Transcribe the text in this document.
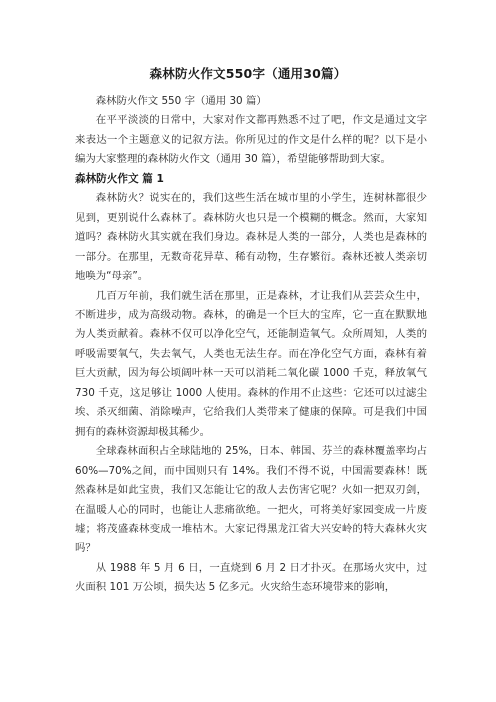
森林防火作文550字（通用30篇）

森林防火作文 550 字（通用 30 篇）

在平平淡淡的日常中，大家对作文都再熟悉不过了吧，作文是通过文字来表达一个主题意义的记叙方法。你所见过的作文是什么样的呢？以下是小编为大家整理的森林防火作文（通用 30 篇），希望能够帮助到大家。

森林防火作文 篇 1

森林防火？说实在的，我们这些生活在城市里的小学生，连树林都很少见到，更别说什么森林了。森林防火也只是一个模糊的概念。然而，大家知道吗？森林防火其实就在我们身边。森林是人类的一部分，人类也是森林的一部分。在那里，无数奇花异草、稀有动物，生存繁衍。森林还被人类亲切地唤为“母亲”。

几百万年前，我们就生活在那里，正是森林，才让我们从芸芸众生中，不断进步，成为高级动物。森林，的确是一个巨大的宝库，它一直在默默地为人类贡献着。森林不仅可以净化空气，还能制造氧气。众所周知，人类的呼吸需要氧气，失去氧气，人类也无法生存。而在净化空气方面，森林有着巨大贡献，因为每公顷阔叶林一天可以消耗二氧化碳 1000 千克，释放氧气 730 千克，这足够让 1000 人使用。森林的作用不止这些：它还可以过滤尘埃、杀灭细菌、消除噪声，它给我们人类带来了健康的保障。可是我们中国拥有的森林资源却极其稀少。

全球森林面积占全球陆地的 25%，日本、韩国、芬兰的森林覆盖率均占 60%—70%之间，而中国则只有 14%。我们不得不说，中国需要森林！既然森林是如此宝贵，我们又怎能让它的敌人去伤害它呢？火如一把双刃剑，在温暖人心的同时，也能让人悲痛欲绝。一把火，可将美好家园变成一片废墟；将茂盛森林变成一堆枯木。大家记得黑龙江省大兴安岭的特大森林火灾吗？

从 1988 年 5 月 6 日，一直烧到 6 月 2 日才扑灭。在那场火灾中，过火面积 101 万公顷，损失达 5 亿多元。火灾给生态环境带来的影响，
